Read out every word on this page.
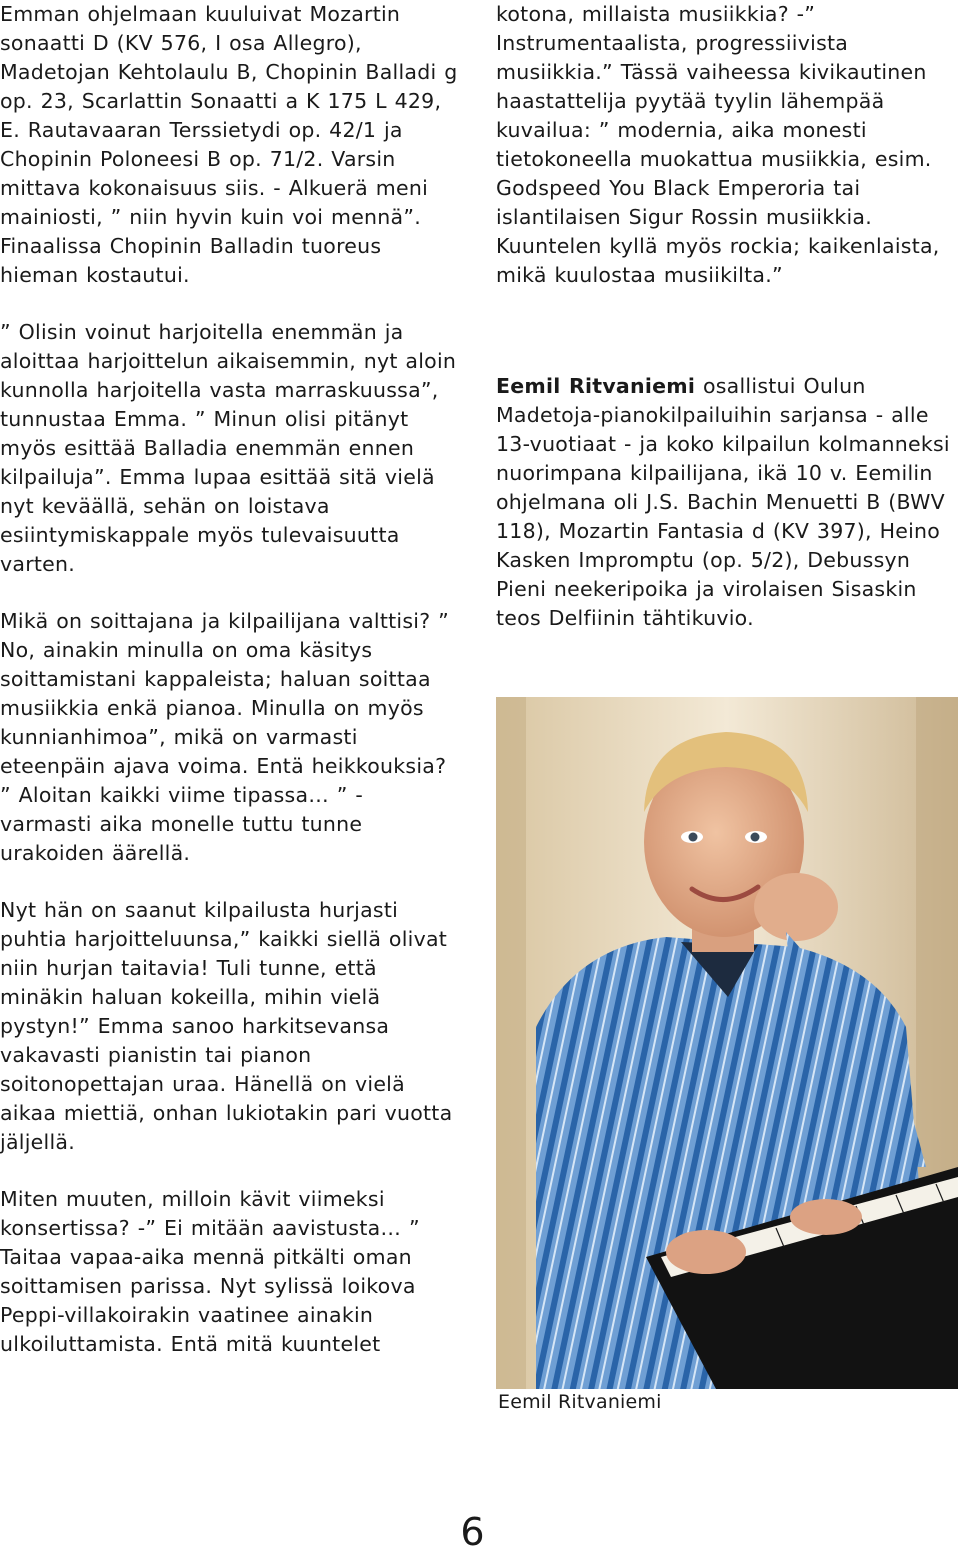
Emman ohjelmaan kuuluivat Mozartin sonaatti D (KV 576, I osa Allegro), Madetojan Kehtolaulu B, Chopinin Balladi g op. 23, Scarlattin Sonaatti a K 175 L 429, E. Rautavaaran Terssietydi op. 42/1 ja Chopinin Poloneesi B op. 71/2. Varsin mittava kokonaisuus siis. - Alkuerä meni mainiosti, ” niin hyvin kuin voi mennä”. Finaalissa Chopinin Balladin tuoreus hieman kostautui.

” Olisin voinut harjoitella enemmän ja aloittaa harjoittelun aikaisemmin, nyt aloin kunnolla harjoitella vasta marraskuussa”, tunnustaa Emma. ” Minun olisi pitänyt myös esittää Balladia enemmän ennen kilpailuja”. Emma lupaa esittää sitä vielä nyt keväällä, sehän on loistava esiintymiskappale myös tulevaisuutta varten.

Mikä on soittajana ja kilpailijana valttisi? ” No, ainakin minulla on oma käsitys soittamistani kappaleista; haluan soittaa musiikkia enkä pianoa. Minulla on myös kunnianhimoa”, mikä on varmasti eteenpäin ajava voima. Entä heikkouksia? ” Aloitan kaikki viime tipassa… ” - varmasti aika monelle tuttu tunne urakoiden äärellä.

Nyt hän on saanut kilpailusta hurjasti puhtia harjoitteluunsa,” kaikki siellä olivat niin hurjan taitavia! Tuli tunne, että minäkin haluan kokeilla, mihin vielä pystyn!” Emma sanoo harkitsevansa vakavasti pianistin tai pianon soitonopettajan uraa. Hänellä on vielä aikaa miettiä, onhan lukiotakin pari vuotta jäljellä.

Miten muuten, milloin kävit viimeksi konsertissa? -” Ei mitään aavistusta… ” Taitaa vapaa-aika mennä pitkälti oman soittamisen parissa. Nyt sylissä loikova Peppi-villakoirakin vaatinee ainakin ulkoiluttamista. Entä mitä kuuntelet

kotona, millaista musiikkia? -” Instrumentaalista, progressiivista musiikkia.” Tässä vaiheessa kivikautinen haastattelija pyytää tyylin lähempää kuvailua: ” modernia, aika monesti tietokoneella muokattua musiikkia, esim. Godspeed You Black Emperoria tai islantilaisen Sigur Rossin musiikkia. Kuuntelen kyllä myös rockia; kaikenlaista, mikä kuulostaa musiikilta.”

Eemil Ritvaniemi osallistui Oulun Madetoja-pianokilpailuihin sarjansa - alle 13-vuotiaat - ja koko kilpailun kolmanneksi nuorimpana kilpailijana, ikä 10 v. Eemilin ohjelmana oli J.S. Bachin Menuetti B (BWV 118), Mozartin Fantasia d (KV 397), Heino Kasken Impromptu (op. 5/2), Debussyn Pieni neekeripoika ja virolaisen Sisaskin teos Delfiinin tähtikuvio.

Eemil Ritvaniemi
6
